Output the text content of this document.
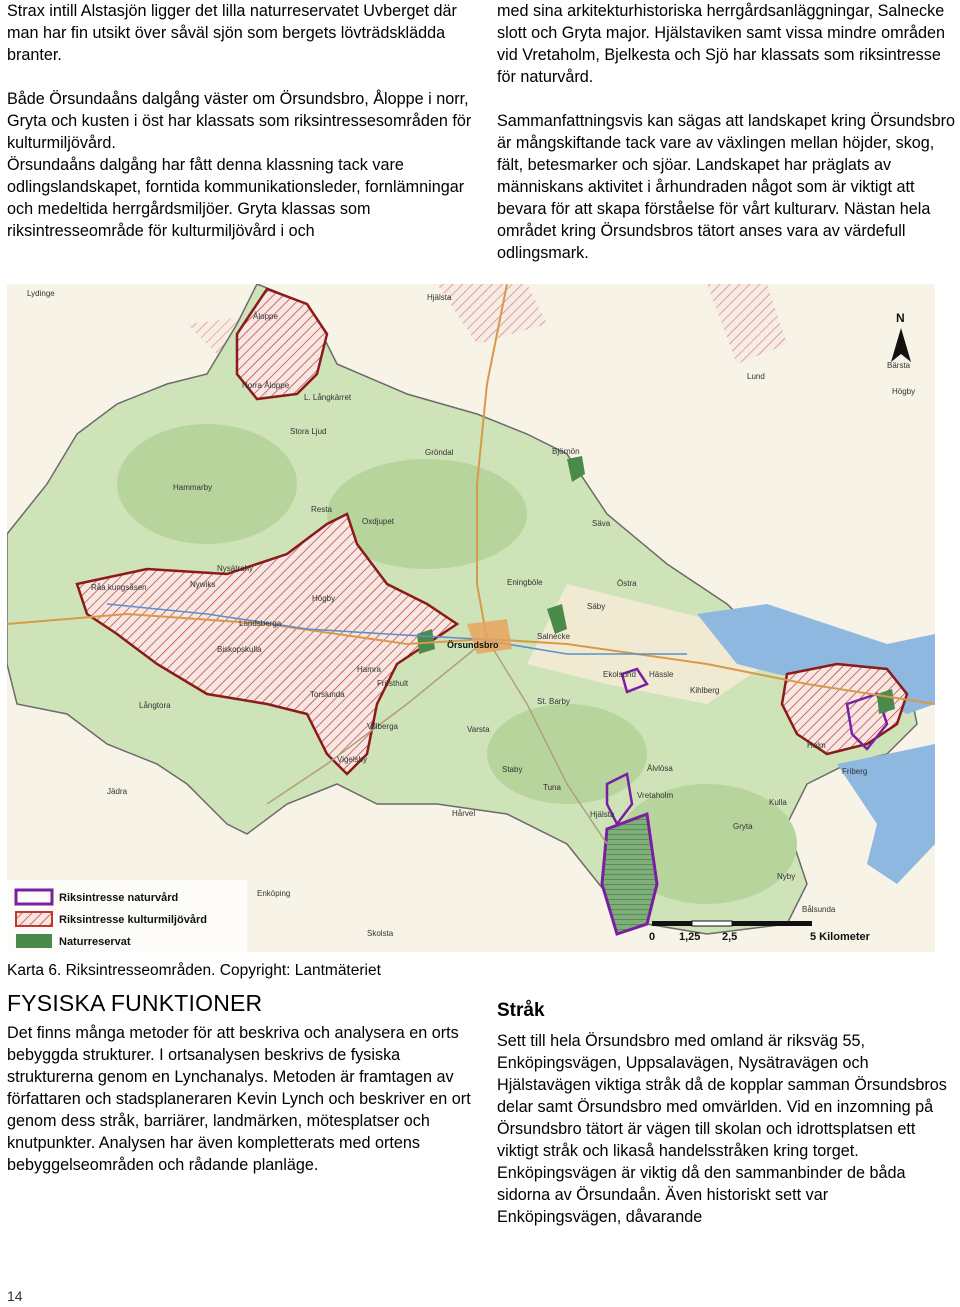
Strax intill Alstasjön ligger det lilla naturreservatet Uvberget där man har fin utsikt över såväl sjön som bergets lövträdsklädda branter.

Både Örsundaåns dalgång väster om Örsundsbro, Åloppe i norr, Gryta och kusten i öst har klassats som riksintressesområden för kulturmiljövård.

Örsundaåns dalgång har fått denna klassning tack vare odlingslandskapet, forntida kommunikationsleder, fornlämningar och medeltida herrgårdsmiljöer. Gryta klassas som riksintresseområde för kulturmiljövård i och

med sina arkitekturhistoriska herrgårdsanläggningar, Salnecke slott och Gryta major. Hjälstaviken samt vissa mindre områden vid Vretaholm, Bjelkesta och Sjö har klassats som riksintresse för naturvård.

Sammanfattningsvis kan sägas att landskapet kring Örsundsbro är mångskiftande tack vare av växlingen mellan höjder, skog, fält, betesmarker och sjöar. Landskapet har präglats av människans aktivitet i århundraden något som är viktigt att bevara för att skapa förståelse för vårt kulturarv. Nästan hela området kring Örsundsbros tätort anses vara av värdefull odlingsmark.

Lydinge	Hjälsta
Åloppe
Norra Åloppe
L. Långkärret
Stora Ljud
Hammarby
Resta
Gröndal	Björnön
Säva
Oxdjupet
Nysätrahy
Nywiks
Råa kungsåsen
Högby
Landsberga
Biskopskulla
Långtora
Hamra
Torslunda
Frösthult
Villberga
Vigelsby
Örsundsbro
Salnecke
Säby
Ekolsund Hässle
Kihlberg
St. Barby
Varsta
Staby
Tuna
Älvlösa
Vretaholm
Hjälsta
Gryta
Kulla
Hårvel
Friberg
Holm
Nyby
Bålsunda
Enköping
Jädra
Skolsta
Eningböle	Östra
Lund
Bärsta
Högby
N
Riksintresse naturvård
Riksintresse kulturmiljövård
Naturreservat	0 1,25 2,5	5 Kilometer
Karta 6. Riksintresseområden. Copyright: Lantmäteriet
FYSISKA FUNKTIONER

Det finns många metoder för att beskriva och analysera en orts bebyggda strukturer. I ortsanalysen beskrivs de fysiska strukturerna genom en Lynchanalys. Metoden är framtagen av författaren och stadsplaneraren Kevin Lynch och beskriver en ort genom dess stråk, barriärer, landmärken, mötesplatser och knutpunkter. Analysen har även kompletterats med ortens bebyggelseområden och rådande planläge.

Stråk

Sett till hela Örsundsbro med omland är riksväg 55, Enköpingsvägen, Uppsalavägen, Nysätravägen och Hjälstavägen viktiga stråk då de kopplar samman Örsundsbros delar samt Örsundsbro med omvärlden. Vid en inzomning på Örsundsbro tätort är vägen till skolan och idrottsplatsen ett viktigt stråk och likaså handelsstråken kring torget. Enköpingsvägen är viktig då den sammanbinder de båda sidorna av Örsundaån. Även historiskt sett var Enköpingsvägen, dåvarande

14
